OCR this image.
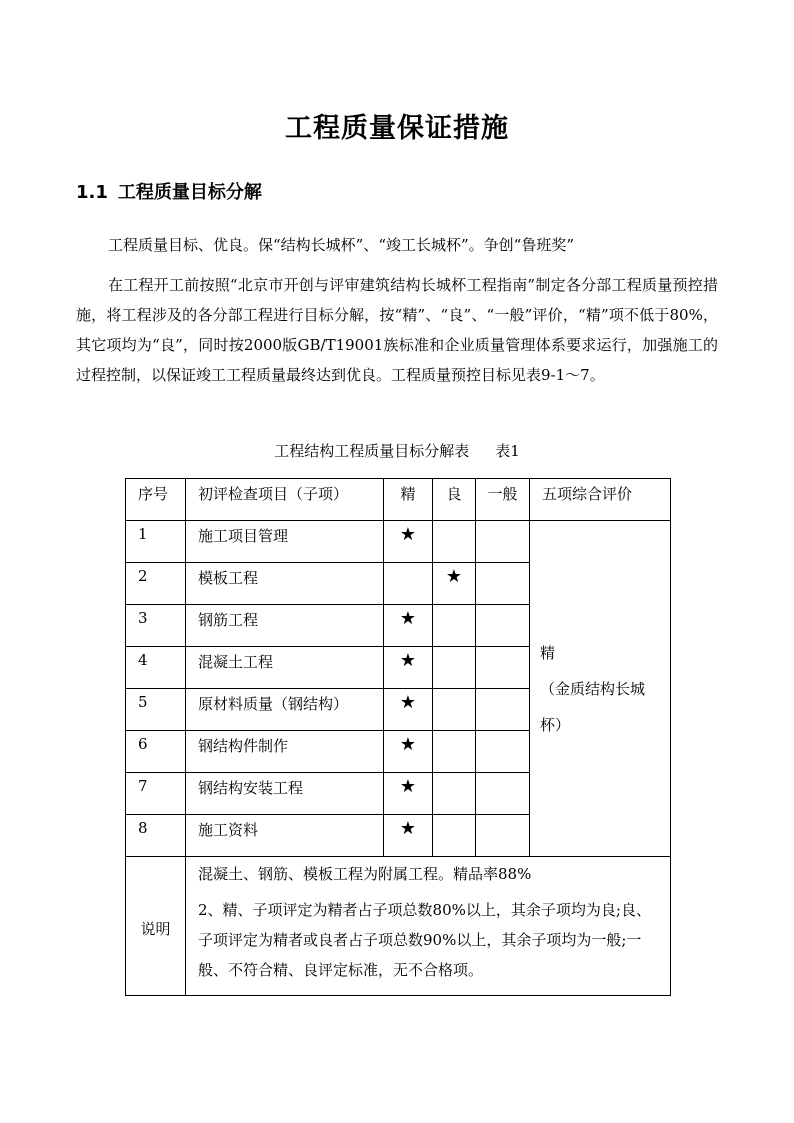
工程质量保证措施
1.1 工程质量目标分解
工程质量目标、优良。保“结构长城杯”、“竣工长城杯”。争创“鲁班奖”
在工程开工前按照“北京市开创与评审建筑结构长城杯工程指南”制定各分部工程质量预控措施，将工程涉及的各分部工程进行目标分解，按“精”、“良”、“一般”评价，“精”项不低于80%，其它项均为“良”，同时按2000版GB/T19001族标准和企业质量管理体系要求运行，加强施工的过程控制，以保证竣工工程质量最终达到优良。工程质量预控目标见表9-1～7。
工程结构工程质量目标分解表 表1
序号	初评检查项目（子项）	精	良	一般	五项综合评价
1	施工项目管理	★			精
（金质结构长城杯）

2	模板工程		★		
3	钢筋工程	★			
4	混凝土工程	★			
5	原材料质量（钢结构）	★			
6	钢结构件制作	★			
7	钢结构安装工程	★			
8	施工资料	★			
说明	混凝土、钢筋、模板工程为附属工程。精品率88%
2、精、子项评定为精者占子项总数80%以上，其余子项均为良;良、子项评定为精者或良者占子项总数90%以上，其余子项均为一般;一般、不符合精、良评定标准，无不合格项。				
